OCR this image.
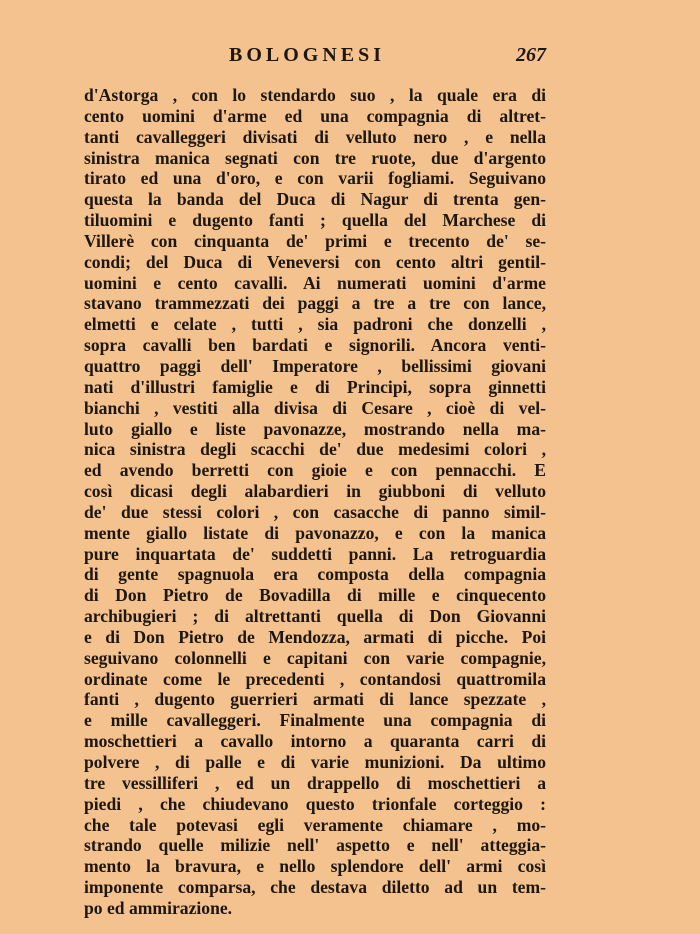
BOLOGNESI	267
d'Astorga , con lo stendardo suo , la quale era di
cento uomini d'arme ed una compagnia di altret-
tanti cavalleggeri divisati di velluto nero , e nella
sinistra manica segnati con tre ruote, due d'argento
tirato ed una d'oro, e con varii fogliami. Seguivano
questa la banda del Duca di Nagur di trenta gen-
tiluomini e dugento fanti ; quella del Marchese di
Villerè con cinquanta de' primi e trecento de' se-
condi; del Duca di Veneversi con cento altri gentil-
uomini e cento cavalli. Ai numerati uomini d'arme
stavano trammezzati dei paggi a tre a tre con lance,
elmetti e celate , tutti , sia padroni che donzelli ,
sopra cavalli ben bardati e signorili. Ancora venti-
quattro paggi dell' Imperatore , bellissimi giovani
nati d'illustri famiglie e di Principi, sopra ginnetti
bianchi , vestiti alla divisa di Cesare , cioè di vel-
luto giallo e liste pavonazze, mostrando nella ma-
nica sinistra degli scacchi de' due medesimi colori ,
ed avendo berretti con gioie e con pennacchi. E
così dicasi degli alabardieri in giubboni di velluto
de' due stessi colori , con casacche di panno simil-
mente giallo listate di pavonazzo, e con la manica
pure inquartata de' suddetti panni. La retroguardia
di gente spagnuola era composta della compagnia
di Don Pietro de Bovadilla di mille e cinquecento
archibugieri ; di altrettanti quella di Don Giovanni
e di Don Pietro de Mendozza, armati di picche. Poi
seguivano colonnelli e capitani con varie compagnie,
ordinate come le precedenti , contandosi quattromila
fanti , dugento guerrieri armati di lance spezzate ,
e mille cavalleggeri. Finalmente una compagnia di
moschettieri a cavallo intorno a quaranta carri di
polvere , di palle e di varie munizioni. Da ultimo
tre vessilliferi , ed un drappello di moschettieri a
piedi , che chiudevano questo trionfale corteggio :
che tale potevasi egli veramente chiamare , mo-
strando quelle milizie nell' aspetto e nell' atteggia-
mento la bravura, e nello splendore dell' armi così
imponente comparsa, che destava diletto ad un tem-
po ed ammirazione.
